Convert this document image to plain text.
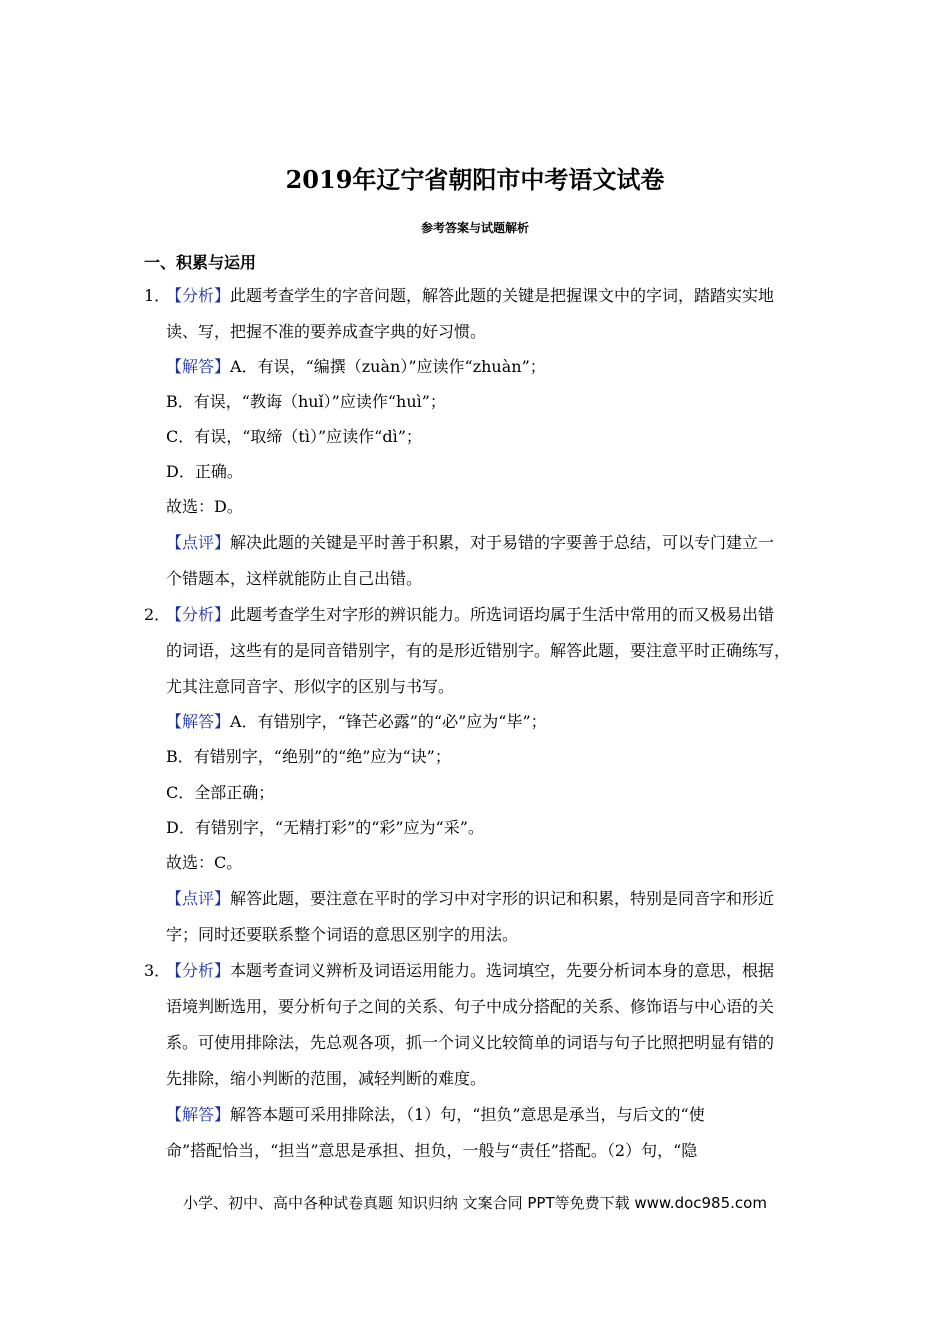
2019年辽宁省朝阳市中考语文试卷
参考答案与试题解析
一、积累与运用
1．
【分析】此题考查学生的字音问题，解答此题的关键是把握课文中的字词，踏踏实实地
读、写，把握不准的要养成查字典的好习惯。
【解答】A．有误，“编撰（zuàn）”应读作“zhuàn”；
B．有误，“教诲（huǐ）”应读作“huì”；
C．有误，“取缔（tì）”应读作“dì”；
D．正确。
故选：D。
【点评】解决此题的关键是平时善于积累，对于易错的字要善于总结，可以专门建立一
个错题本，这样就能防止自己出错。
2．
【分析】此题考查学生对字形的辨识能力。所选词语均属于生活中常用的而又极易出错
的词语，这些有的是同音错别字，有的是形近错别字。解答此题，要注意平时正确练写，
尤其注意同音字、形似字的区别与书写。
【解答】A．有错别字，“锋芒必露”的“必”应为“毕”；
B．有错别字，“绝别”的“绝”应为“诀”；
C．全部正确；
D．有错别字，“无精打彩”的“彩”应为“采”。
故选：C。
【点评】解答此题，要注意在平时的学习中对字形的识记和积累，特别是同音字和形近
字；同时还要联系整个词语的意思区别字的用法。
3．
【分析】本题考查词义辨析及词语运用能力。选词填空，先要分析词本身的意思，根据
语境判断选用，要分析句子之间的关系、句子中成分搭配的关系、修饰语与中心语的关
系。可使用排除法，先总观各项，抓一个词义比较简单的词语与句子比照把明显有错的
先排除，缩小判断的范围，减轻判断的难度。
【解答】解答本题可采用排除法，（1）句，“担负”意思是承当，与后文的“使
命”搭配恰当，“担当”意思是承担、担负，一般与“责任”搭配。（2）句，“隐
小学、初中、高中各种试卷真题 知识归纳 文案合同 PPT等免费下载 www.doc985.com
